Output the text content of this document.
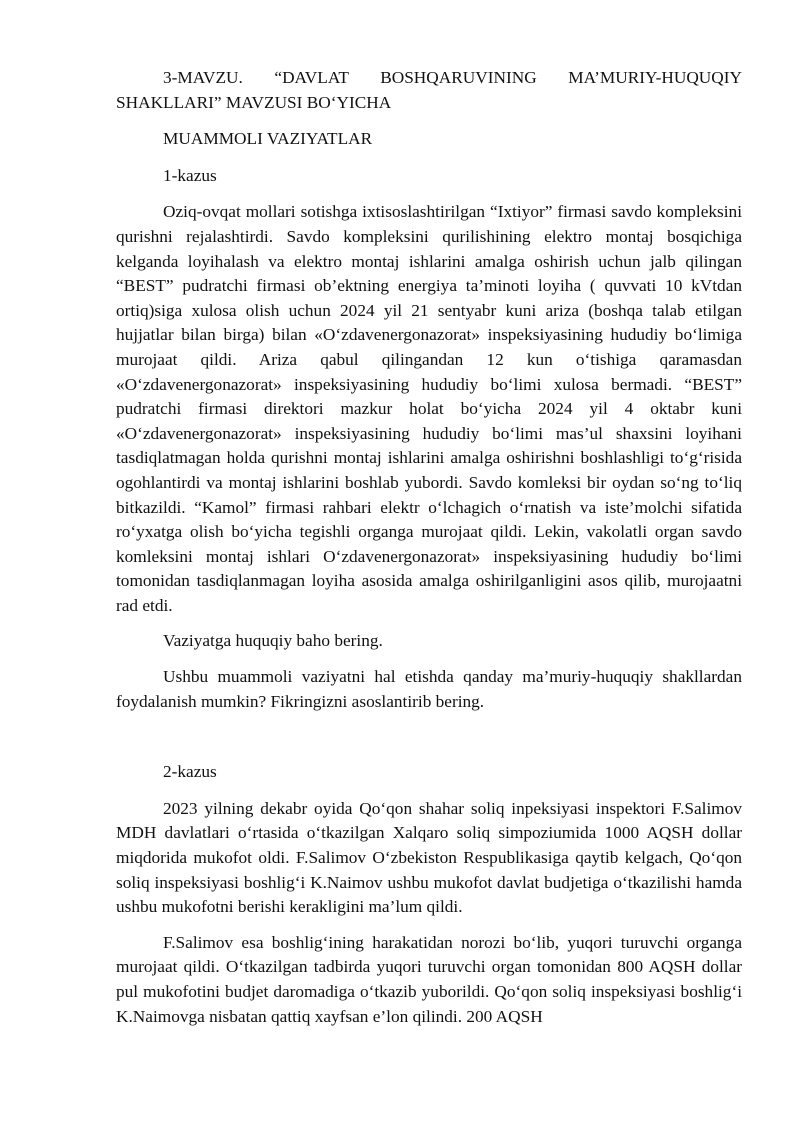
3-MAVZU. “DAVLAT BOSHQARUVINING MA’MURIY-HUQUQIY SHAKLLARI” MAVZUSI BOʻYICHA

MUAMMOLI VAZIYATLAR

1-kazus

Oziq-ovqat mollari sotishga ixtisoslashtirilgan “Ixtiyor” firmasi savdo kompleksini qurishni rejalashtirdi. Savdo kompleksini qurilishining elektro montaj bosqichiga kelganda loyihalash va elektro montaj ishlarini amalga oshirish uchun jalb qilingan “BEST” pudratchi firmasi ob’ektning energiya ta’minoti loyiha ( quvvati 10 kVtdan ortiq)siga xulosa olish uchun 2024 yil 21 sentyabr kuni ariza (boshqa talab etilgan hujjatlar bilan birga) bilan «O‘zdavenergonazorat» inspeksiyasining hududiy bo‘limiga murojaat qildi. Ariza qabul qilingandan 12 kun o‘tishiga qaramasdan «O‘zdavenergonazorat» inspeksiyasining hududiy bo‘limi xulosa bermadi. “BEST” pudratchi firmasi direktori mazkur holat bo‘yicha 2024 yil 4 oktabr kuni «O‘zdavenergonazorat» inspeksiyasining hududiy bo‘limi mas’ul shaxsini loyihani tasdiqlatmagan holda qurishni montaj ishlarini amalga oshirishni boshlashligi to‘g‘risida ogohlantirdi va montaj ishlarini boshlab yubordi. Savdo komleksi bir oydan so‘ng to‘liq bitkazildi. “Kamol” firmasi rahbari elektr o‘lchagich o‘rnatish va iste’molchi sifatida ro‘yxatga olish bo‘yicha tegishli organga murojaat qildi. Lekin, vakolatli organ savdo komleksini montaj ishlari O‘zdavenergonazorat» inspeksiyasining hududiy bo‘limi tomonidan tasdiqlanmagan loyiha asosida amalga oshirilganligini asos qilib, murojaatni rad etdi.

Vaziyatga huquqiy baho bering.

Ushbu muammoli vaziyatni hal etishda qanday ma’muriy-huquqiy shakllardan foydalanish mumkin? Fikringizni asoslantirib bering.

2-kazus

2023 yilning dekabr oyida Qo‘qon shahar soliq inpeksiyasi inspektori F.Salimov MDH davlatlari o‘rtasida o‘tkazilgan Xalqaro soliq simpoziumida 1000 AQSH dollar miqdorida mukofot oldi. F.Salimov O‘zbekiston Respublikasiga qaytib kelgach, Qo‘qon soliq inspeksiyasi boshlig‘i K.Naimov ushbu mukofot davlat budjetiga o‘tkazilishi hamda ushbu mukofotni berishi kerakligini ma’lum qildi.

F.Salimov esa boshlig‘ining harakatidan norozi bo‘lib, yuqori turuvchi organga murojaat qildi. O‘tkazilgan tadbirda yuqori turuvchi organ tomonidan 800 AQSH dollar pul mukofotini budjet daromadiga o‘tkazib yuborildi. Qo‘qon soliq inspeksiyasi boshlig‘i K.Naimovga nisbatan qattiq xayfsan e’lon qilindi. 200 AQSH
